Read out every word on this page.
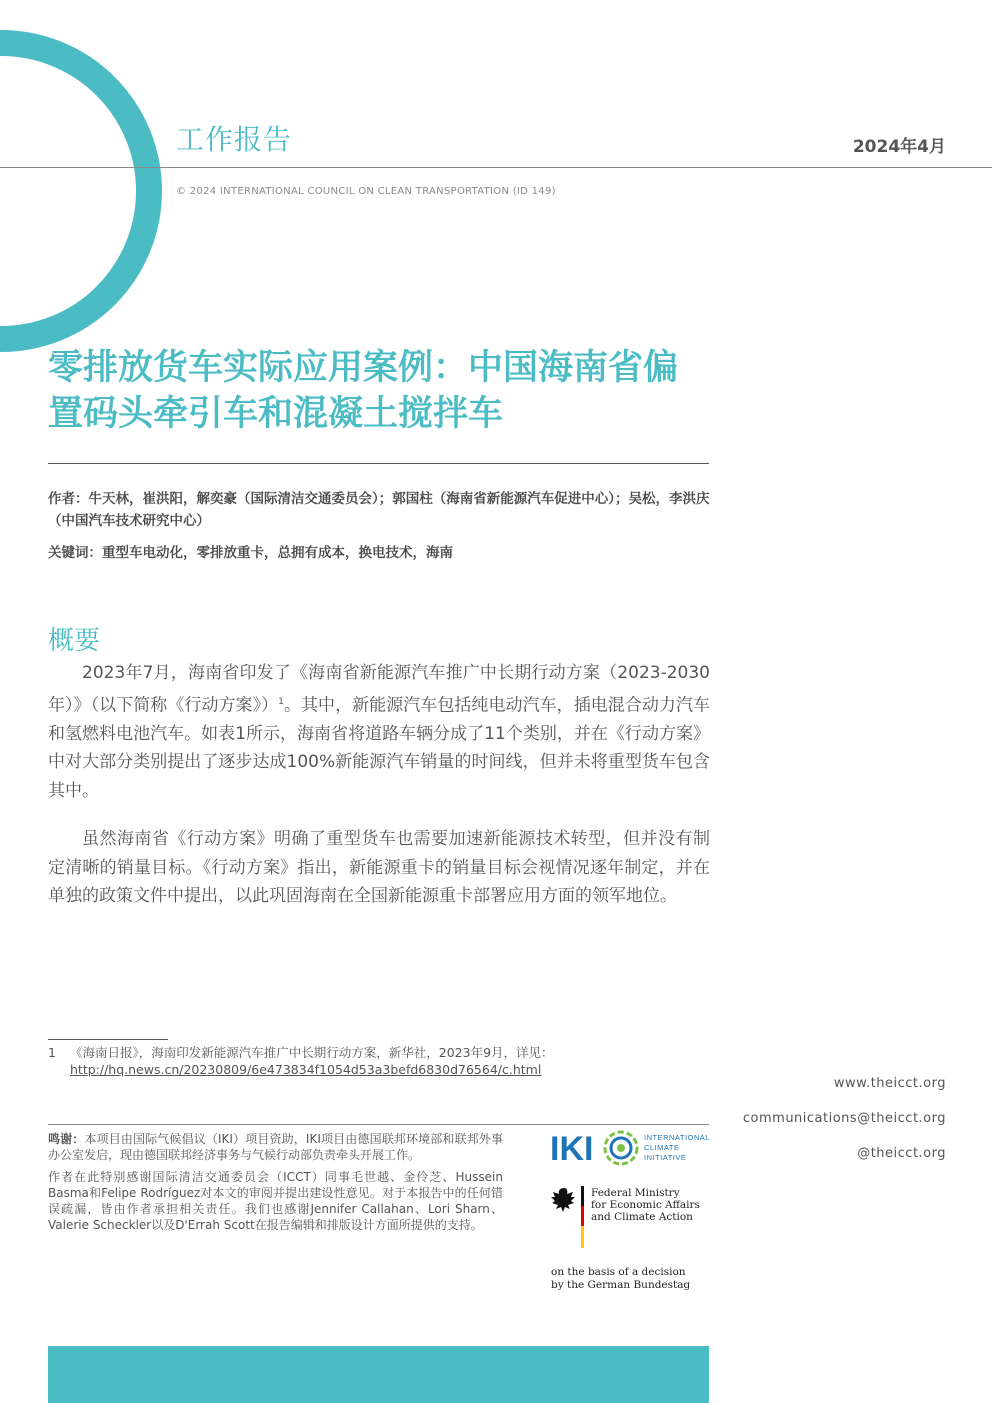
工作报告	2024年4月
© 2024 INTERNATIONAL COUNCIL ON CLEAN TRANSPORTATION (ID 149)
零排放货车实际应用案例：中国海南省偏
置码头牵引车和混凝土搅拌车
作者：牛天林，崔洪阳，解奕豪（国际清洁交通委员会）；郭国柱（海南省新能源汽车促进中心）；吴松，李洪庆（中国汽车技术研究中心）
关键词：重型车电动化，零排放重卡，总拥有成本，换电技术，海南
概要
2023年7月，海南省印发了《海南省新能源汽车推广中长期行动方案（2023-2030年）》（以下简称《行动方案》）$^1$。其中，新能源汽车包括纯电动汽车，插电混合动力汽车和氢燃料电池汽车。如表1所示，海南省将道路车辆分成了11个类别，并在《行动方案》中对大部分类别提出了逐步达成100%新能源汽车销量的时间线，但并未将重型货车包含其中。
虽然海南省《行动方案》明确了重型货车也需要加速新能源技术转型，但并没有制定清晰的销量目标。《行动方案》指出，新能源重卡的销量目标会视情况逐年制定，并在单独的政策文件中提出，以此巩固海南在全国新能源重卡部署应用方面的领军地位。
1	《海南日报》，海南印发新能源汽车推广中长期行动方案，新华社，2023年9月，详见：http://hq.news.cn/20230809/6e473834f1054d53a3befd6830d76564/c.html
www.theicct.org
communications@theicct.org
@theicct.org

鸣谢：本项目由国际气候倡议（IKI）项目资助，IKI项目由德国联邦环境部和联邦外事办公室发启，现由德国联邦经济事务与气候行动部负责牵头开展工作。

作者在此特别感谢国际清洁交通委员会（ICCT）同事毛世越、金伶芝、Hussein Basma和Felipe Rodríguez对本文的审阅并提出建设性意见。对于本报告中的任何错误疏漏，皆由作者承担相关责任。我们也感谢Jennifer Callahan、Lori Sharn、Valerie Scheckler以及D'Errah Scott在报告编辑和排版设计方面所提供的支持。

IKI	INTERNATIONAL
CLIMATE
INITIATIVE
Federal Ministry
for Economic Affairs
and Climate Action
on the basis of a decision
by the German Bundestag
